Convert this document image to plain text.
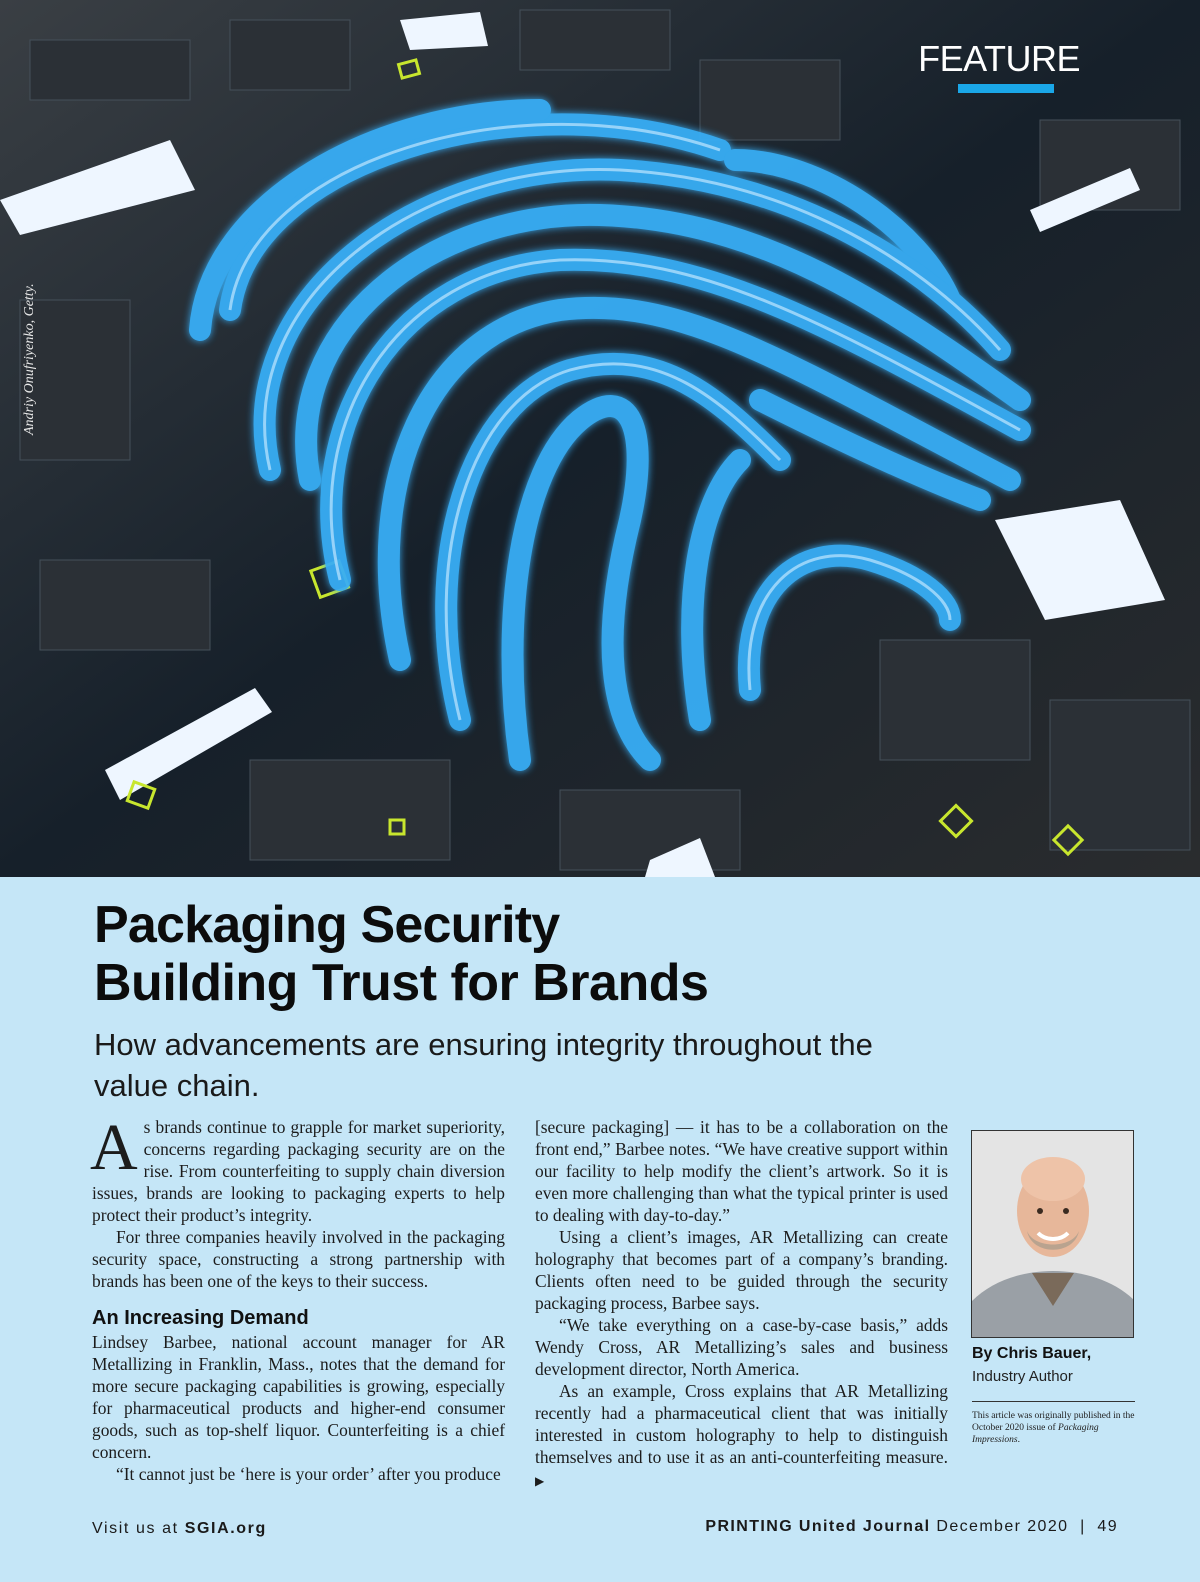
Andriy Onufriyenko, Getty.
FEATURE
Packaging Security
Building Trust for Brands
How advancements are ensuring integrity throughout the value chain.

As brands continue to grapple for market superiority, concerns regarding packaging security are on the rise. From counterfeiting to supply chain diversion issues, brands are looking to packaging experts to help protect their product’s integrity.

For three companies heavily involved in the packaging security space, constructing a strong partnership with brands has been one of the keys to their success.

An Increasing Demand

Lindsey Barbee, national account manager for AR Metallizing in Franklin, Mass., notes that the demand for more secure packaging capabilities is growing, especially for pharmaceutical products and higher-end consumer goods, such as top-shelf liquor. Counterfeiting is a chief concern.

“It cannot just be ‘here is your order’ after you produce

[secure packaging] — it has to be a collaboration on the front end,” Barbee notes. “We have creative support within our facility to help modify the client’s artwork. So it is even more challenging than what the typical printer is used to dealing with day-to-day.”

Using a client’s images, AR Metallizing can create holography that becomes part of a company’s branding. Clients often need to be guided through the security packaging process, Barbee says.

“We take everything on a case-by-case basis,” adds Wendy Cross, AR Metallizing’s sales and business development director, North America.

As an example, Cross explains that AR Metallizing recently had a pharmaceutical client that was initially interested in custom holography to help to distinguish themselves and to use it as an anti-counterfeiting measure. ▶

By Chris Bauer,
Industry Author
This article was originally published in the October 2020 issue of Packaging Impressions.
Visit us at SGIA.org	PRINTING United Journal December 2020 | 49
